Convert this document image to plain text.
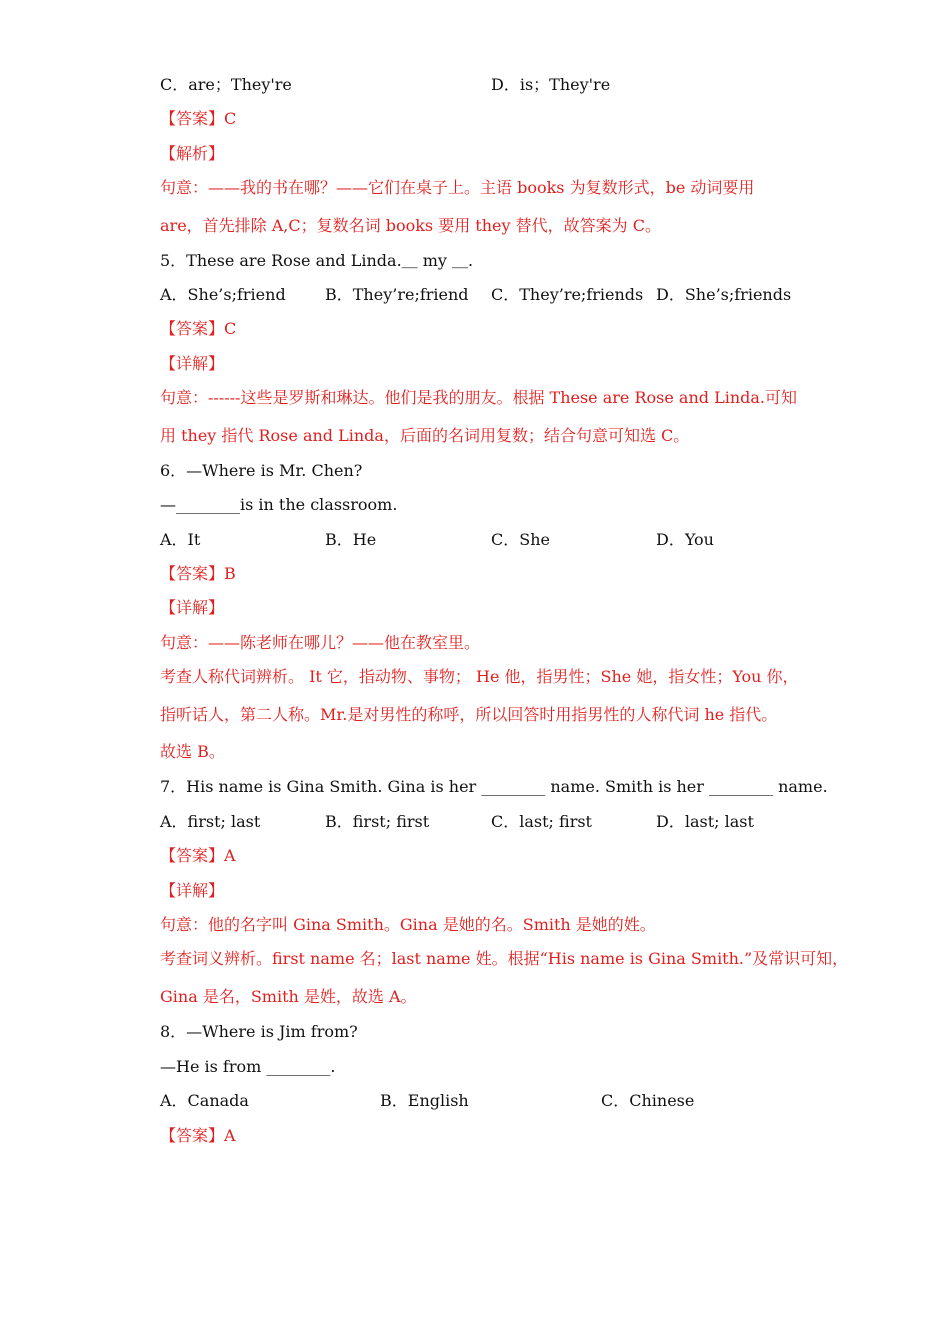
C．are；They're	D．is；They're
【答案】C
【解析】
句意：——我的书在哪？——它们在桌子上。主语 books 为复数形式，be 动词要用
are，首先排除 A,C；复数名词 books 要用 they 替代，故答案为 C。
5．These are Rose and Linda.＿ my ＿.
A．She’s;friend B．They’re;friend C．They’re;friends D．She’s;friends
【答案】C
【详解】
句意：------这些是罗斯和琳达。他们是我的朋友。根据 These are Rose and Linda.可知
用 they 指代 Rose and Linda，后面的名词用复数；结合句意可知选 C。
6．—Where is Mr. Chen?
—________is in the classroom.
A．It	B．He	C．She	D．You
【答案】B
【详解】
句意：——陈老师在哪儿？——他在教室里。
考查人称代词辨析。 It 它，指动物、事物； He 他，指男性；She 她，指女性；You 你，
指听话人，第二人称。Mr.是对男性的称呼，所以回答时用指男性的人称代词 he 指代。
故选 B。
7．His name is Gina Smith. Gina is her ________ name. Smith is her ________ name.
A．first; last	B．first; first	C．last; first	D．last; last
【答案】A
【详解】
句意：他的名字叫 Gina Smith。Gina 是她的名。Smith 是她的姓。
考查词义辨析。first name 名；last name 姓。根据“His name is Gina Smith.”及常识可知，
Gina 是名，Smith 是姓，故选 A。
8．—Where is Jim from?
—He is from ________.
A．Canada	B．English	C．Chinese
【答案】A
